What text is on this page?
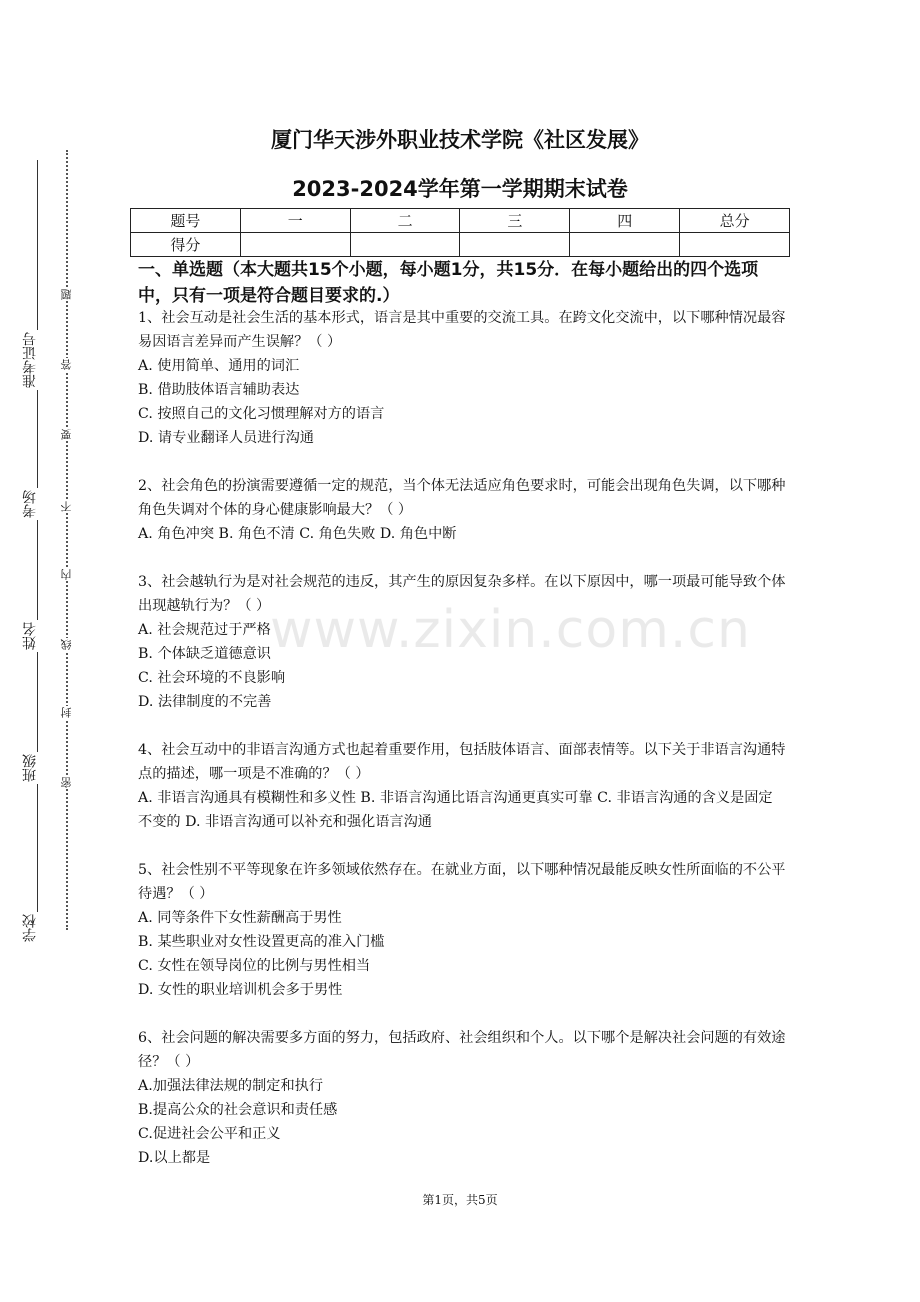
准考证号
考场
姓名
班级
学校
题
答
要
不
内
线
封
密
厦门华天涉外职业技术学院《社区发展》
2023-2024学年第一学期期末试卷
题号	一	二	三	四	总分
得分					
一、单选题（本大题共15个小题，每小题1分，共15分．在每小题给出的四个选项中，只有一项是符合题目要求的.）

1、社会互动是社会生活的基本形式，语言是其中重要的交流工具。在跨文化交流中，以下哪种情况最容易因语言差异而产生误解？（ ）

A. 使用简单、通用的词汇

B. 借助肢体语言辅助表达

C. 按照自己的文化习惯理解对方的语言

D. 请专业翻译人员进行沟通

2、社会角色的扮演需要遵循一定的规范，当个体无法适应角色要求时，可能会出现角色失调，以下哪种角色失调对个体的身心健康影响最大？（ ）

A. 角色冲突 B. 角色不清 C. 角色失败 D. 角色中断

3、社会越轨行为是对社会规范的违反，其产生的原因复杂多样。在以下原因中，哪一项最可能导致个体出现越轨行为？（ ）

A. 社会规范过于严格

B. 个体缺乏道德意识

C. 社会环境的不良影响

D. 法律制度的不完善

4、社会互动中的非语言沟通方式也起着重要作用，包括肢体语言、面部表情等。以下关于非语言沟通特点的描述，哪一项是不准确的？（ ）

A. 非语言沟通具有模糊性和多义性 B. 非语言沟通比语言沟通更真实可靠 C. 非语言沟通的含义是固定不变的 D. 非语言沟通可以补充和强化语言沟通

5、社会性别不平等现象在许多领域依然存在。在就业方面，以下哪种情况最能反映女性所面临的不公平待遇？（ ）

A. 同等条件下女性薪酬高于男性

B. 某些职业对女性设置更高的准入门槛

C. 女性在领导岗位的比例与男性相当

D. 女性的职业培训机会多于男性

6、社会问题的解决需要多方面的努力，包括政府、社会组织和个人。以下哪个是解决社会问题的有效途径？（ ）

A.加强法律法规的制定和执行

B.提高公众的社会意识和责任感

C.促进社会公平和正义

D.以上都是

www.zixin.com.cn
第1页，共5页
